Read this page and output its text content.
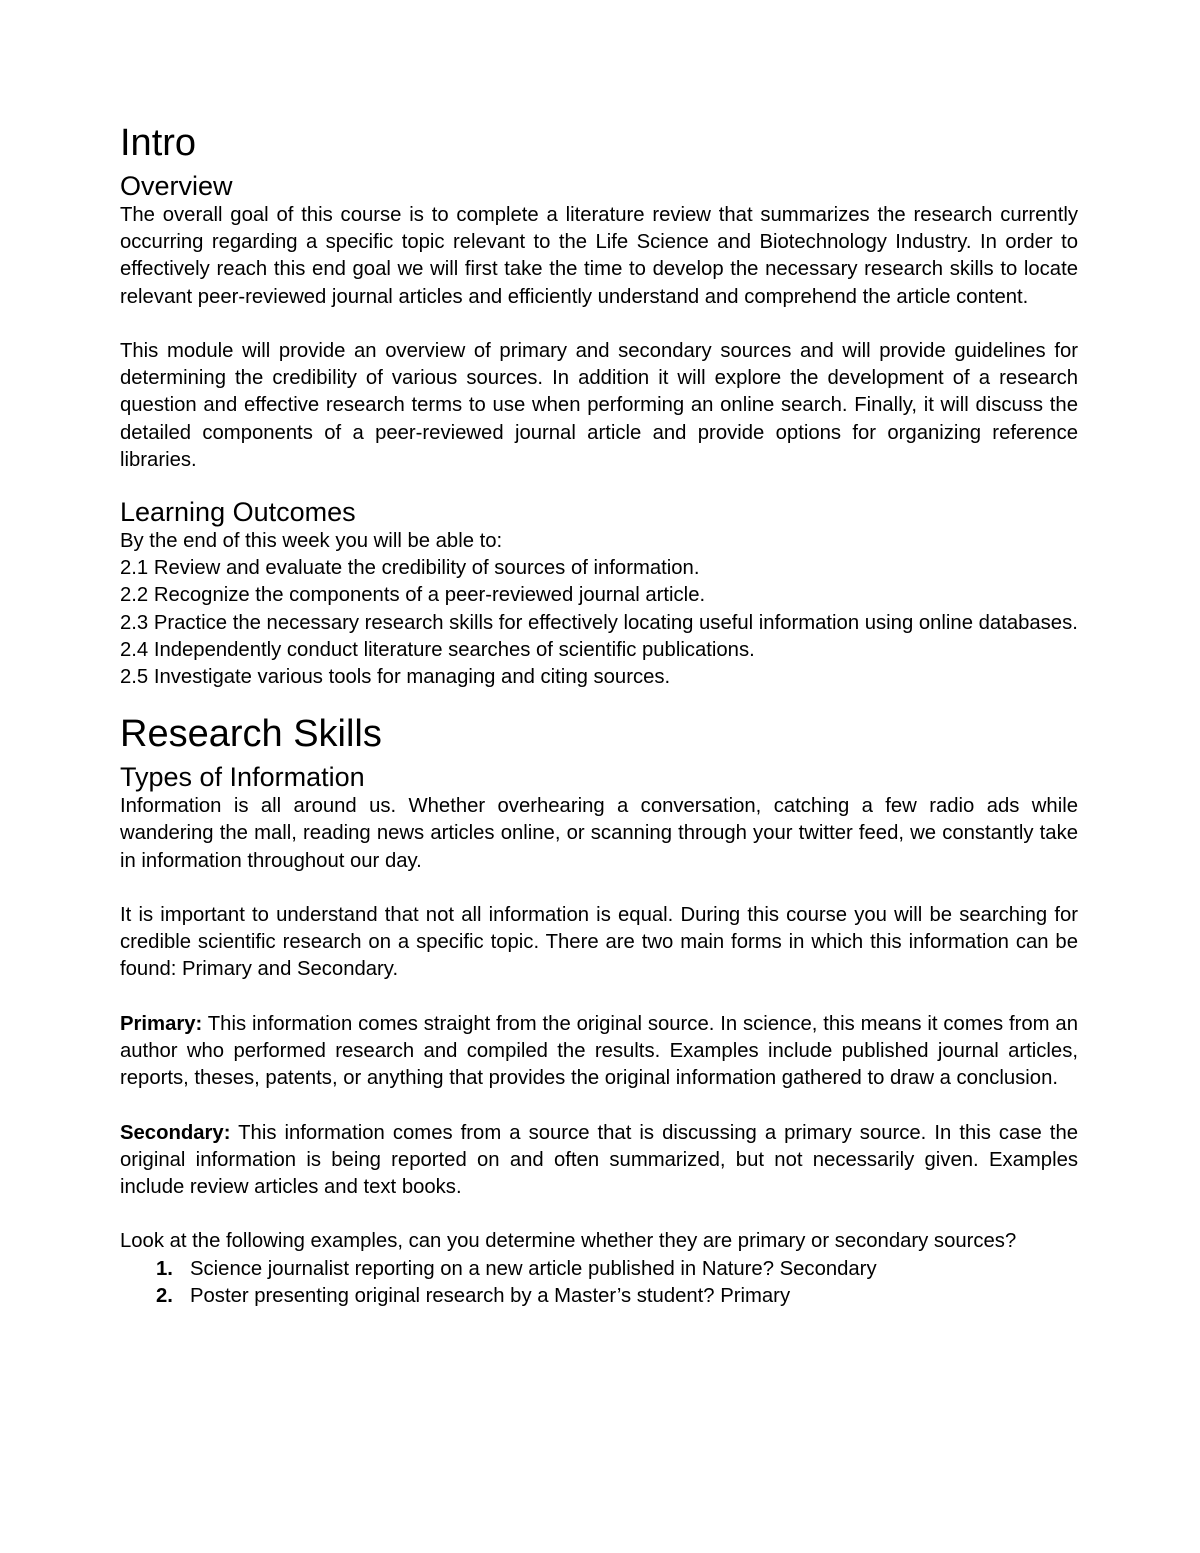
Intro
Overview

The overall goal of this course is to complete a literature review that summarizes the research currently occurring regarding a specific topic relevant to the Life Science and Biotechnology Industry. In order to effectively reach this end goal we will first take the time to develop the necessary research skills to locate relevant peer-reviewed journal articles and efficiently understand and comprehend the article content.

This module will provide an overview of primary and secondary sources and will provide guidelines for determining the credibility of various sources. In addition it will explore the development of a research question and effective research terms to use when performing an online search. Finally, it will discuss the detailed components of a peer-reviewed journal article and provide options for organizing reference libraries.

Learning Outcomes

By the end of this week you will be able to:

2.1 Review and evaluate the credibility of sources of information.

2.2 Recognize the components of a peer-reviewed journal article.

2.3 Practice the necessary research skills for effectively locating useful information using online databases.

2.4 Independently conduct literature searches of scientific publications.

2.5 Investigate various tools for managing and citing sources.

Research Skills
Types of Information

Information is all around us. Whether overhearing a conversation, catching a few radio ads while wandering the mall, reading news articles online, or scanning through your twitter feed, we constantly take in information throughout our day.

It is important to understand that not all information is equal. During this course you will be searching for credible scientific research on a specific topic. There are two main forms in which this information can be found: Primary and Secondary.

Primary: This information comes straight from the original source. In science, this means it comes from an author who performed research and compiled the results. Examples include published journal articles, reports, theses, patents, or anything that provides the original information gathered to draw a conclusion.

Secondary: This information comes from a source that is discussing a primary source. In this case the original information is being reported on and often summarized, but not necessarily given. Examples include review articles and text books.

Look at the following examples, can you determine whether they are primary or secondary sources?

1. Science journalist reporting on a new article published in Nature? Secondary
2. Poster presenting original research by a Master’s student? Primary
